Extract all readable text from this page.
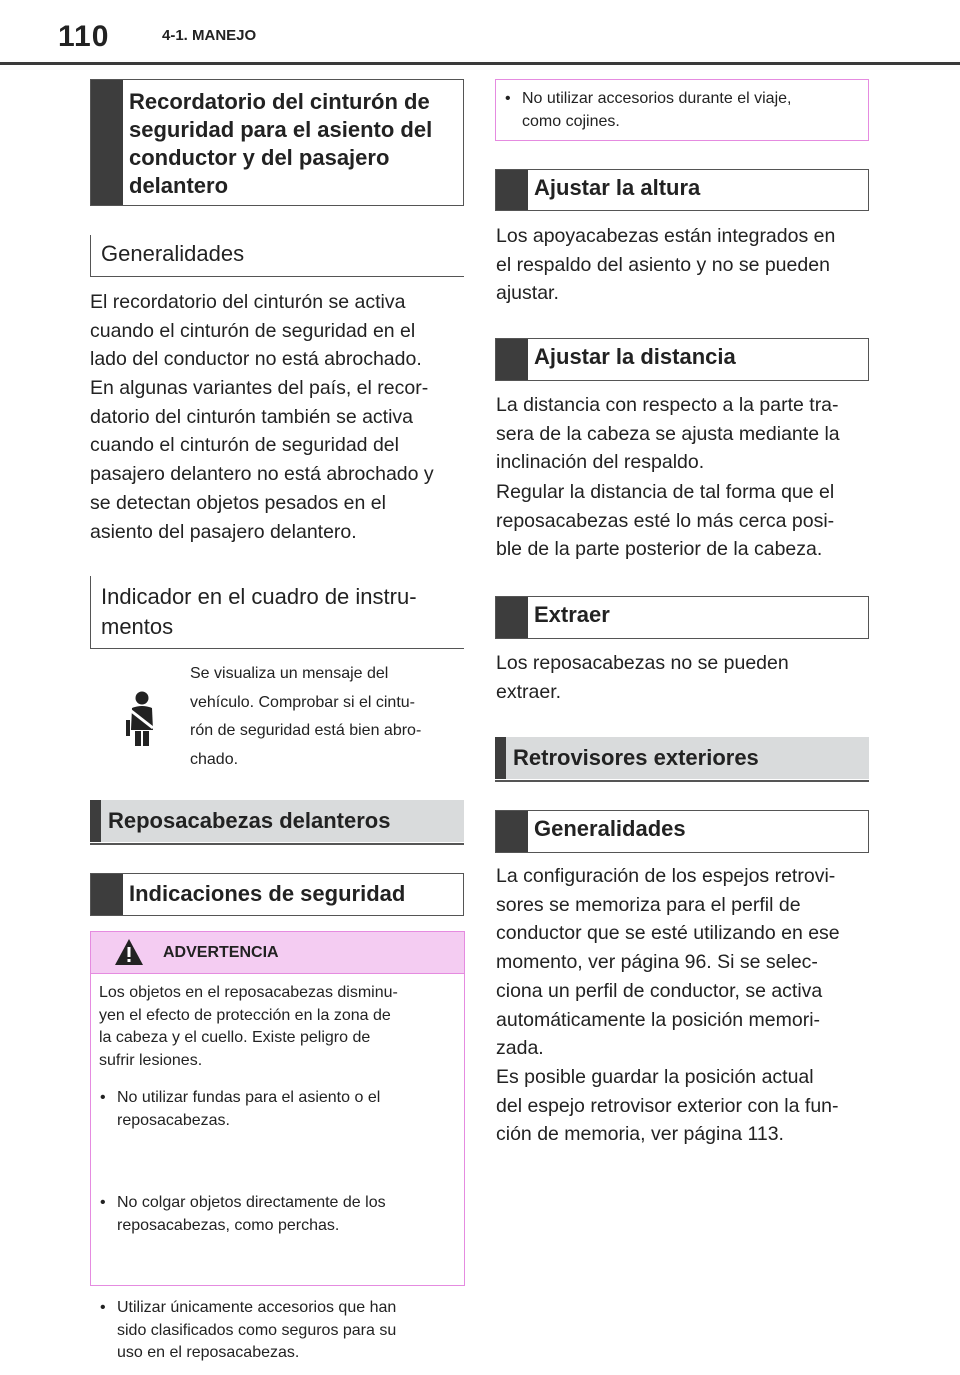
110	4-1. MANEJO
Recordatorio del cinturón de
seguridad para el asiento del
conductor y del pasajero
delantero
Generalidades
El recordatorio del cinturón se activa
cuando el cinturón de seguridad en el
lado del conductor no está abrochado.
En algunas variantes del país, el recor-
datorio del cinturón también se activa
cuando el cinturón de seguridad del
pasajero delantero no está abrochado y
se detectan objetos pesados en el
asiento del pasajero delantero.
Indicador en el cuadro de instru-
mentos
Se visualiza un mensaje del
vehículo. Comprobar si el cintu-
rón de seguridad está bien abro-
chado.
Reposacabezas delanteros
Indicaciones de seguridad
ADVERTENCIA
Los objetos en el reposacabezas disminu-
yen el efecto de protección en la zona de
la cabeza y el cuello. Existe peligro de
sufrir lesiones.
• No utilizar fundas para el asiento o el
reposacabezas.
• No colgar objetos directamente de los
reposacabezas, como perchas.
• Utilizar únicamente accesorios que han
sido clasificados como seguros para su
uso en el reposacabezas.
• No utilizar accesorios durante el viaje,
como cojines.
Ajustar la altura
Los apoyacabezas están integrados en
el respaldo del asiento y no se pueden
ajustar.
Ajustar la distancia
La distancia con respecto a la parte tra-
sera de la cabeza se ajusta mediante la
inclinación del respaldo.
Regular la distancia de tal forma que el
reposacabezas esté lo más cerca posi-
ble de la parte posterior de la cabeza.
Extraer
Los reposacabezas no se pueden
extraer.
Retrovisores exteriores
Generalidades
La configuración de los espejos retrovi-
sores se memoriza para el perfil de
conductor que se esté utilizando en ese
momento, ver página 96. Si se selec-
ciona un perfil de conductor, se activa
automáticamente la posición memori-
zada.
Es posible guardar la posición actual
del espejo retrovisor exterior con la fun-
ción de memoria, ver página 113.
